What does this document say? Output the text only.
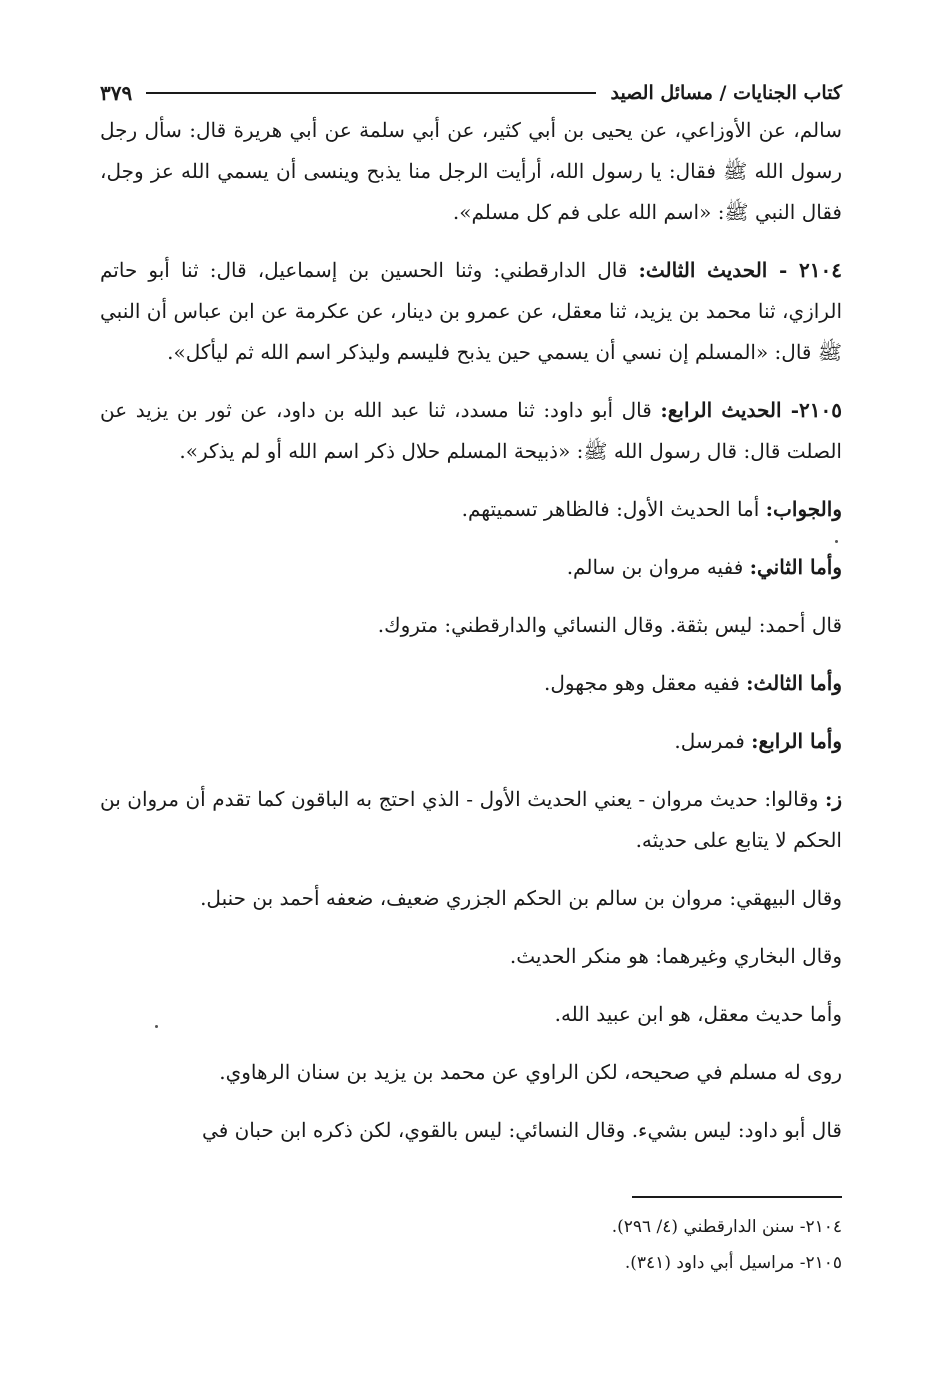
كتاب الجنايات / مسائل الصيد
٣٧٩

سالم، عن الأوزاعي، عن يحيى بن أبي كثير، عن أبي سلمة عن أبي هريرة قال: سأل رجل رسول الله ﷺ فقال: يا رسول الله، أرأيت الرجل منا يذبح وينسى أن يسمي الله عز وجل، فقال النبي ﷺ: «اسم الله على فم كل مسلم».

٢١٠٤ - الحديث الثالث: قال الدارقطني: وثنا الحسين بن إسماعيل، قال: ثنا أبو حاتم الرازي، ثنا محمد بن يزيد، ثنا معقل، عن عمرو بن دينار، عن عكرمة عن ابن عباس أن النبي ﷺ قال: «المسلم إن نسي أن يسمي حين يذبح فليسم وليذكر اسم الله ثم ليأكل».

٢١٠٥- الحديث الرابع: قال أبو داود: ثنا مسدد، ثنا عبد الله بن داود، عن ثور بن يزيد عن الصلت قال: قال رسول الله ﷺ: «ذبيحة المسلم حلال ذكر اسم الله أو لم يذكر».

والجواب: أما الحديث الأول: فالظاهر تسميتهم.

وأما الثاني: ففيه مروان بن سالم.

قال أحمد: ليس بثقة. وقال النسائي والدارقطني: متروك.

وأما الثالث: ففيه معقل وهو مجهول.

وأما الرابع: فمرسل.

ز: وقالوا: حديث مروان - يعني الحديث الأول - الذي احتج به الباقون كما تقدم أن مروان بن الحكم لا يتابع على حديثه.

وقال البيهقي: مروان بن سالم بن الحكم الجزري ضعيف، ضعفه أحمد بن حنبل.

وقال البخاري وغيرهما: هو منكر الحديث.

وأما حديث معقل، هو ابن عبيد الله.

روى له مسلم في صحيحه، لكن الراوي عن محمد بن يزيد بن سنان الرهاوي.

قال أبو داود: ليس بشيء. وقال النسائي: ليس بالقوي، لكن ذكره ابن حبان في

٢١٠٤- سنن الدارقطني (٤/ ٢٩٦).

٢١٠٥- مراسيل أبي داود (٣٤١).
